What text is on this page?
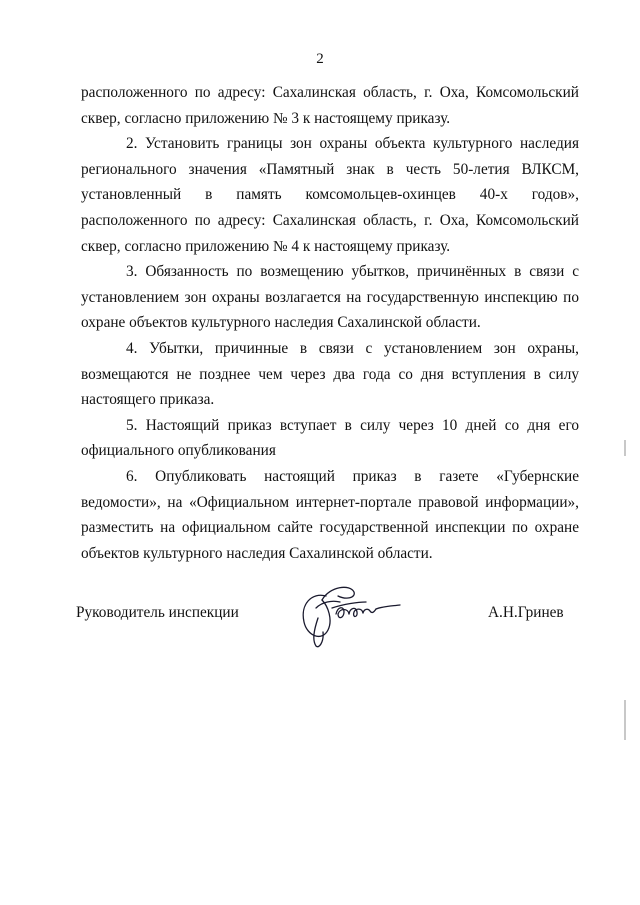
2

расположенного по адресу: Сахалинская область, г. Оха, Комсомольский сквер, согласно приложению № 3 к настоящему приказу.

2. Установить границы зон охраны объекта культурного наследия регионального значения «Памятный знак в честь 50-летия ВЛКСМ, установленный в память комсомольцев-охинцев 40-х годов», расположенного по адресу: Сахалинская область, г. Оха, Комсомольский сквер, согласно приложению № 4 к настоящему приказу.

3. Обязанность по возмещению убытков, причинённых в связи с установлением зон охраны возлагается на государственную инспекцию по охране объектов культурного наследия Сахалинской области.

4. Убытки, причинные в связи с установлением зон охраны, возмещаются не позднее чем через два года со дня вступления в силу настоящего приказа.

5. Настоящий приказ вступает в силу через 10 дней со дня его официального опубликования

6. Опубликовать настоящий приказ в газете «Губернские ведомости», на «Официальном интернет-портале правовой информации», разместить на официальном сайте государственной инспекции по охране объектов культурного наследия Сахалинской области.

Руководитель инспекции	А.Н.Гринев
